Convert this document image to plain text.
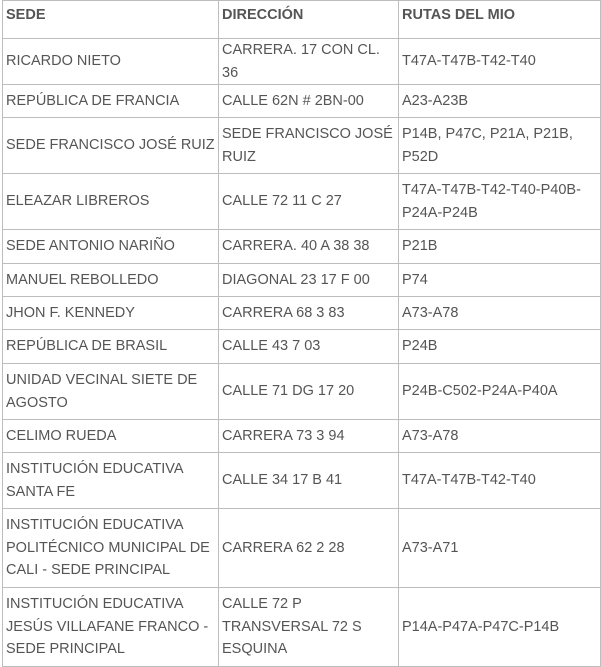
SEDE	DIRECCIÓN	RUTAS DEL MIO
RICARDO NIETO	CARRERA. 17 CON CL. 36	T47A-T47B-T42-T40
REPÚBLICA DE FRANCIA	CALLE 62N # 2BN-00	A23-A23B
SEDE FRANCISCO JOSÉ RUIZ	SEDE FRANCISCO JOSÉ RUIZ	P14B, P47C, P21A, P21B, P52D
ELEAZAR LIBREROS	CALLE 72 11 C 27	T47A-T47B-T42-T40-P40B-P24A-P24B
SEDE ANTONIO NARIÑO	CARRERA. 40 A 38 38	P21B
MANUEL REBOLLEDO	DIAGONAL 23 17 F 00	P74
JHON F. KENNEDY	CARRERA 68 3 83	A73-A78
REPÚBLICA DE BRASIL	CALLE 43 7 03	P24B
UNIDAD VECINAL SIETE DE AGOSTO	CALLE 71 DG 17 20	P24B-C502-P24A-P40A
CELIMO RUEDA	CARRERA 73 3 94	A73-A78
INSTITUCIÓN EDUCATIVA SANTA FE	CALLE 34 17 B 41	T47A-T47B-T42-T40
INSTITUCIÓN EDUCATIVA POLITÉCNICO MUNICIPAL DE CALI - SEDE PRINCIPAL	CARRERA 62 2 28	A73-A71
INSTITUCIÓN EDUCATIVA JESÚS VILLAFANE FRANCO - SEDE PRINCIPAL	CALLE 72 P TRANSVERSAL 72 S ESQUINA	P14A-P47A-P47C-P14B
